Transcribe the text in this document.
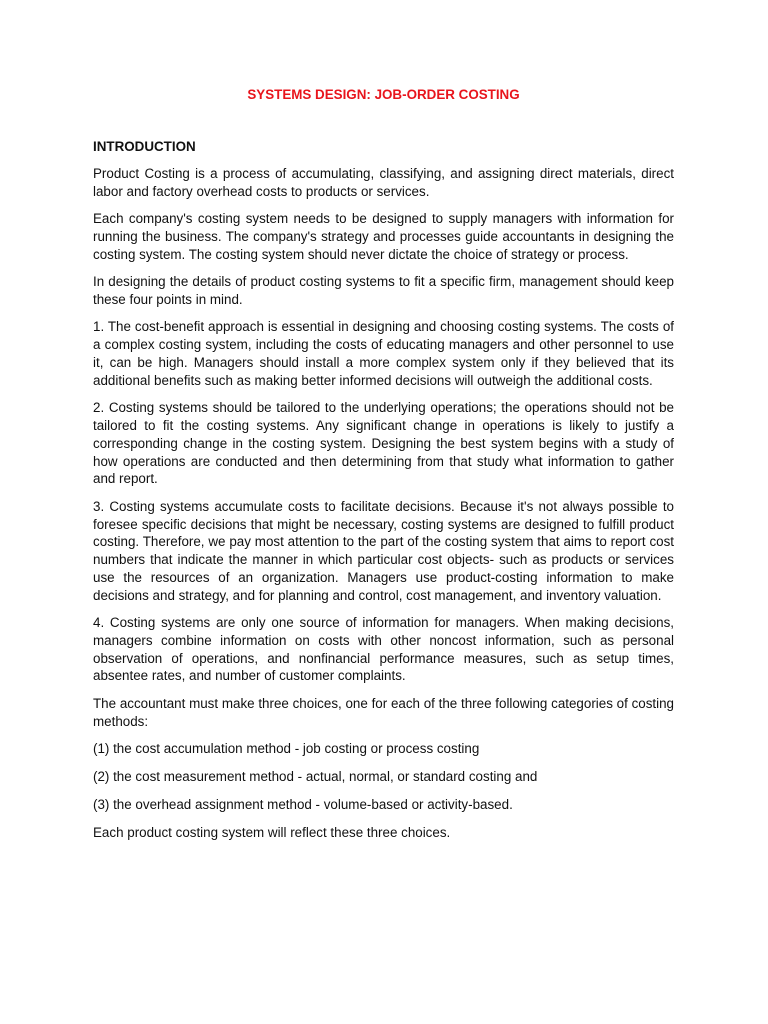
SYSTEMS DESIGN: JOB-ORDER COSTING
INTRODUCTION

Product Costing is a process of accumulating, classifying, and assigning direct materials, direct labor and factory overhead costs to products or services.

Each company's costing system needs to be designed to supply managers with information for running the business. The company's strategy and processes guide accountants in designing the costing system. The costing system should never dictate the choice of strategy or process.

In designing the details of product costing systems to fit a specific firm, management should keep these four points in mind.

1. The cost-benefit approach is essential in designing and choosing costing systems. The costs of a complex costing system, including the costs of educating managers and other personnel to use it, can be high. Managers should install a more complex system only if they believed that its additional benefits such as making better informed decisions will outweigh the additional costs.

2. Costing systems should be tailored to the underlying operations; the operations should not be tailored to fit the costing systems. Any significant change in operations is likely to justify a corresponding change in the costing system. Designing the best system begins with a study of how operations are conducted and then determining from that study what information to gather and report.

3. Costing systems accumulate costs to facilitate decisions. Because it's not always possible to foresee specific decisions that might be necessary, costing systems are designed to fulfill product costing. Therefore, we pay most attention to the part of the costing system that aims to report cost numbers that indicate the manner in which particular cost objects- such as products or services use the resources of an organization. Managers use product-costing information to make decisions and strategy, and for planning and control, cost management, and inventory valuation.

4. Costing systems are only one source of information for managers. When making decisions, managers combine information on costs with other noncost information, such as personal observation of operations, and nonfinancial performance measures, such as setup times, absentee rates, and number of customer complaints.

The accountant must make three choices, one for each of the three following categories of costing methods:

(1) the cost accumulation method - job costing or process costing

(2) the cost measurement method - actual, normal, or standard costing and

(3) the overhead assignment method - volume-based or activity-based.

Each product costing system will reflect these three choices.
